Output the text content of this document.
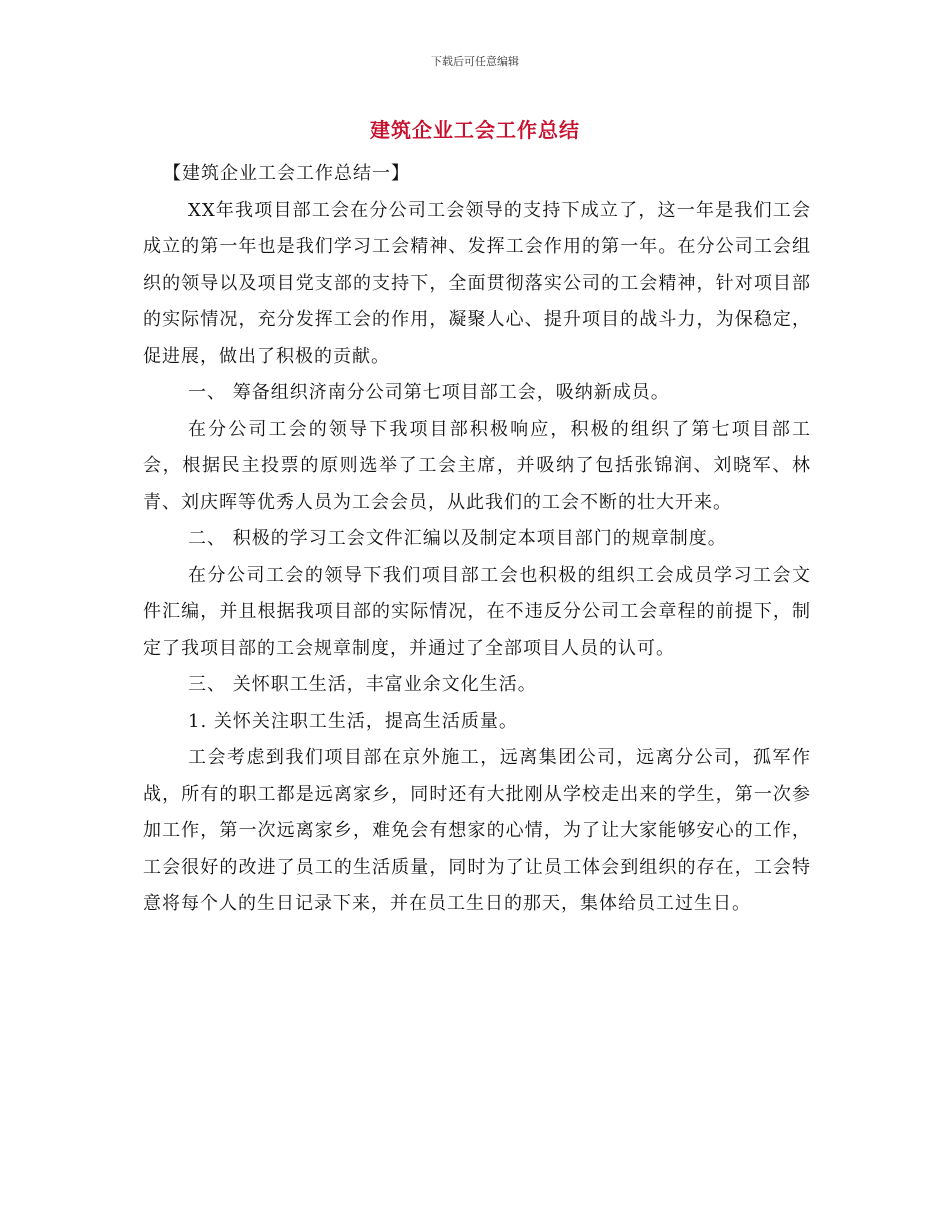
下载后可任意编辑
建筑企业工会工作总结

【建筑企业工会工作总结一】

XX年我项目部工会在分公司工会领导的支持下成立了，这一年是我们工会成立的第一年也是我们学习工会精神、发挥工会作用的第一年。在分公司工会组织的领导以及项目党支部的支持下，全面贯彻落实公司的工会精神，针对项目部的实际情况，充分发挥工会的作用，凝聚人心、提升项目的战斗力，为保稳定，促进展，做出了积极的贡献。

一、 筹备组织济南分公司第七项目部工会，吸纳新成员。

在分公司工会的领导下我项目部积极响应，积极的组织了第七项目部工会，根据民主投票的原则选举了工会主席，并吸纳了包括张锦润、刘晓军、林青、刘庆晖等优秀人员为工会会员，从此我们的工会不断的壮大开来。

二、 积极的学习工会文件汇编以及制定本项目部门的规章制度。

在分公司工会的领导下我们项目部工会也积极的组织工会成员学习工会文件汇编，并且根据我项目部的实际情况，在不违反分公司工会章程的前提下，制定了我项目部的工会规章制度，并通过了全部项目人员的认可。

三、 关怀职工生活，丰富业余文化生活。

1. 关怀关注职工生活，提高生活质量。

工会考虑到我们项目部在京外施工，远离集团公司，远离分公司，孤军作战，所有的职工都是远离家乡，同时还有大批刚从学校走出来的学生，第一次参加工作，第一次远离家乡，难免会有想家的心情，为了让大家能够安心的工作，工会很好的改进了员工的生活质量，同时为了让员工体会到组织的存在，工会特意将每个人的生日记录下来，并在员工生日的那天，集体给员工过生日。
